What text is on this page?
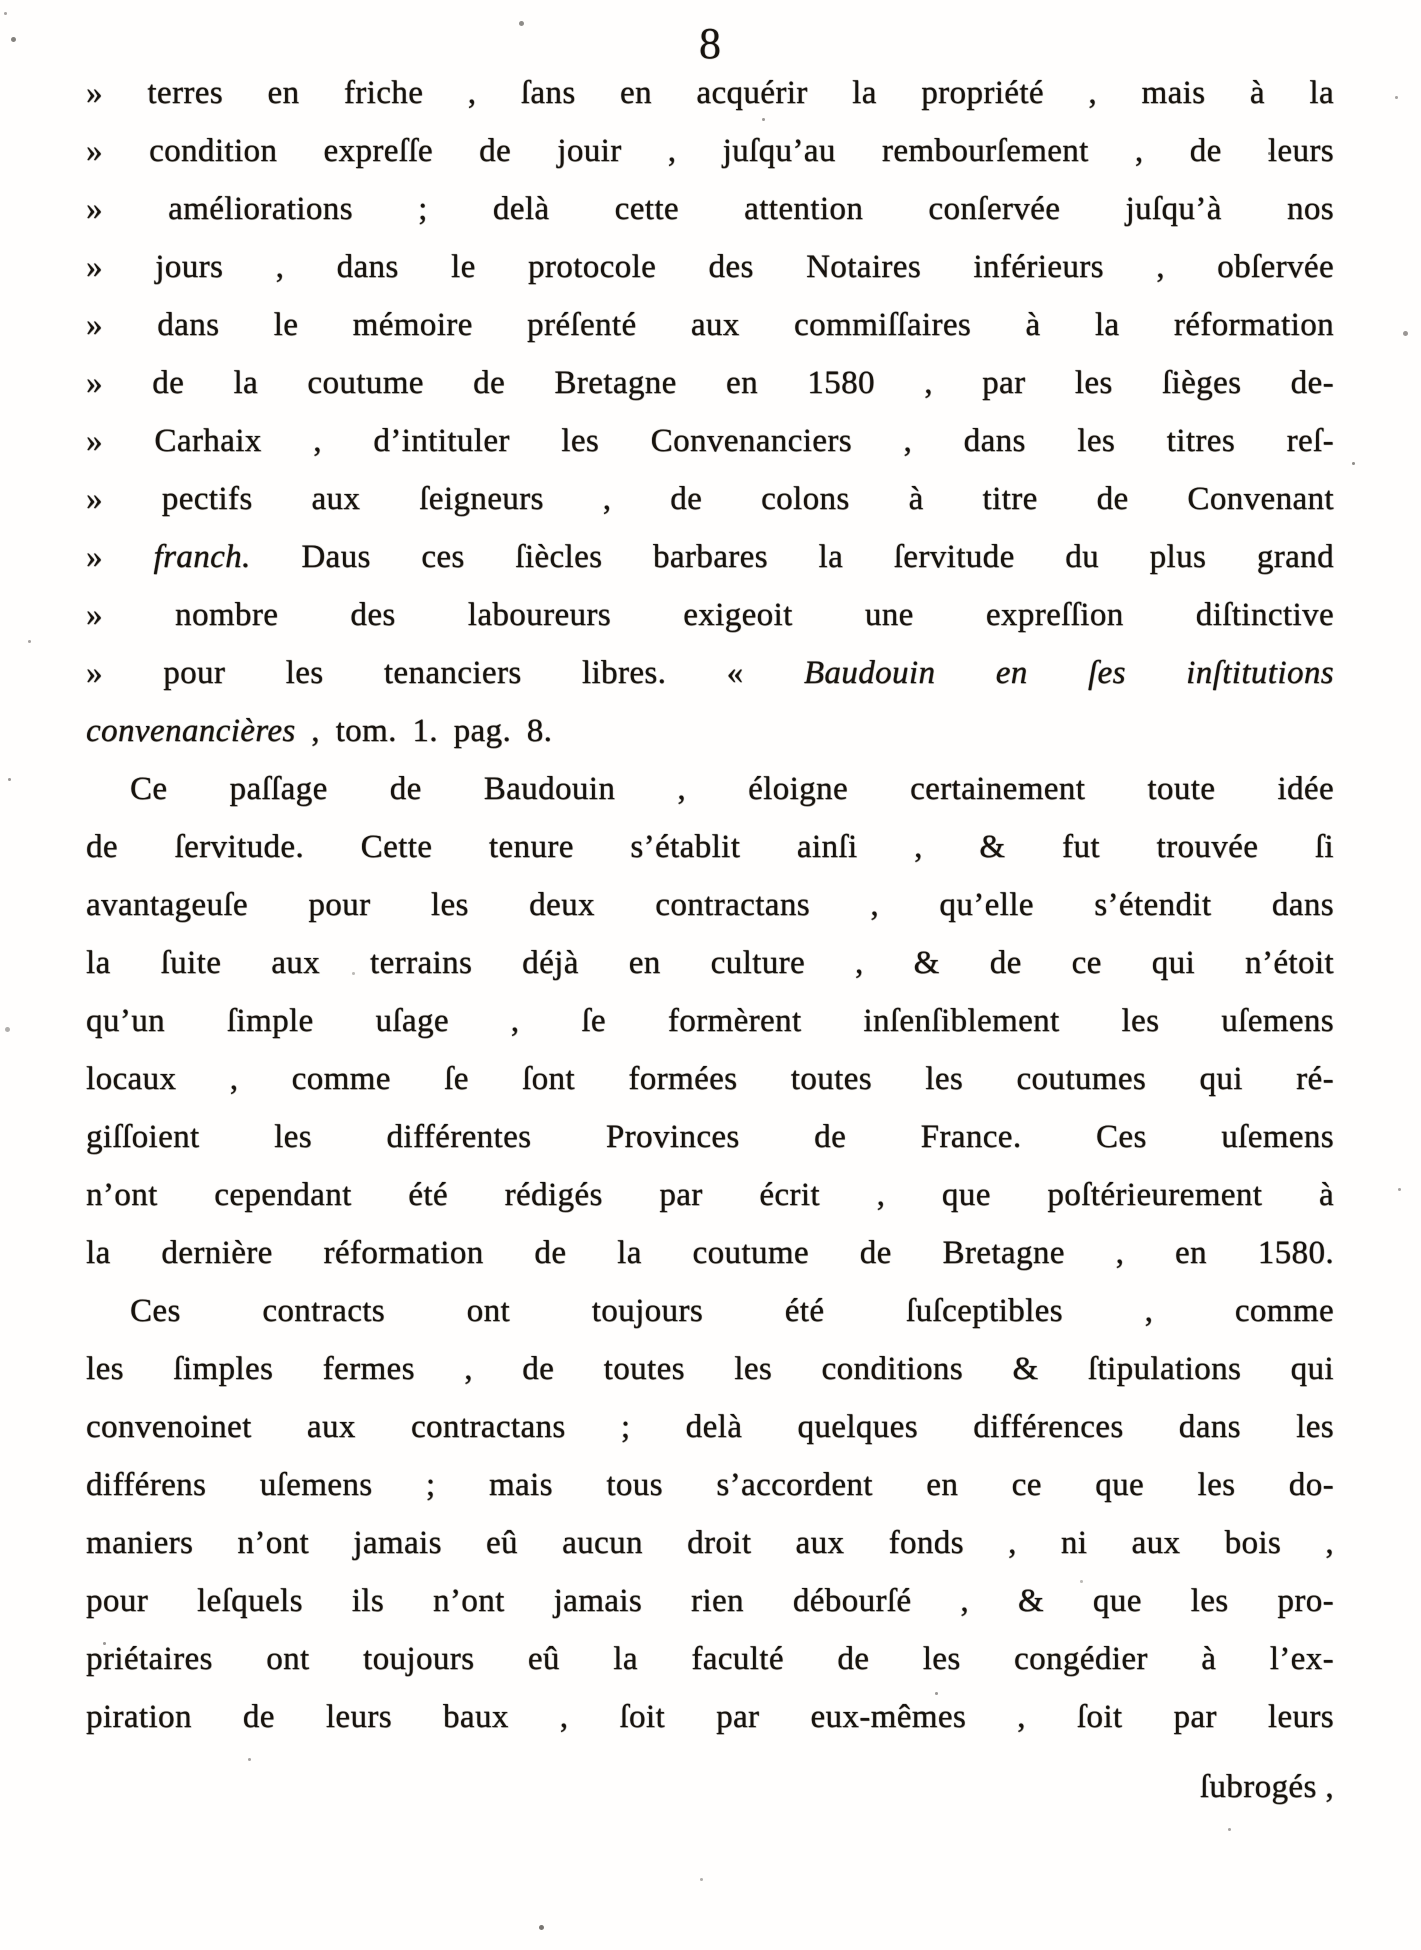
8

» terres en friche , ſans en acquérir la propriété , mais à la

» condition expreſſe de jouir , juſqu’au rembourſement , de leurs

» améliorations ; delà cette attention conſervée juſqu’à nos

» jours , dans le protocole des Notaires inférieurs , obſervée

» dans le mémoire préſenté aux commiſſaires à la réformation

» de la coutume de Bretagne en 1580 , par les ſièges de-

» Carhaix , d’intituler les Convenanciers , dans les titres reſ-

» pectifs aux ſeigneurs , de colons à titre de Convenant

» franch. Daus ces ſiècles barbares la ſervitude du plus grand

» nombre des laboureurs exigeoit une expreſſion diſtinctive

» pour les tenanciers libres. « Baudouin en ſes inſtitutions

convenancières , tom. 1. pag. 8.

Ce paſſage de Baudouin , éloigne certainement toute idée

de ſervitude. Cette tenure s’établit ainſi , & fut trouvée ſi

avantageuſe pour les deux contractans , qu’elle s’étendit dans

la ſuite aux terrains déjà en culture , & de ce qui n’étoit

qu’un ſimple uſage , ſe formèrent inſenſiblement les uſemens

locaux , comme ſe ſont formées toutes les coutumes qui ré-

giſſoient les différentes Provinces de France. Ces uſemens

n’ont cependant été rédigés par écrit , que poſtérieurement à

la dernière réformation de la coutume de Bretagne , en 1580.

Ces contracts ont toujours été ſuſceptibles , comme

les ſimples fermes , de toutes les conditions & ſtipulations qui

convenoinet aux contractans ; delà quelques différences dans les

différens uſemens ; mais tous s’accordent en ce que les do-

maniers n’ont jamais eû aucun droit aux fonds , ni aux bois ,

pour leſquels ils n’ont jamais rien débourſé , & que les pro-

priétaires ont toujours eû la faculté de les congédier à l’ex-

piration de leurs baux , ſoit par eux-mêmes , ſoit par leurs

ſubrogés ,
